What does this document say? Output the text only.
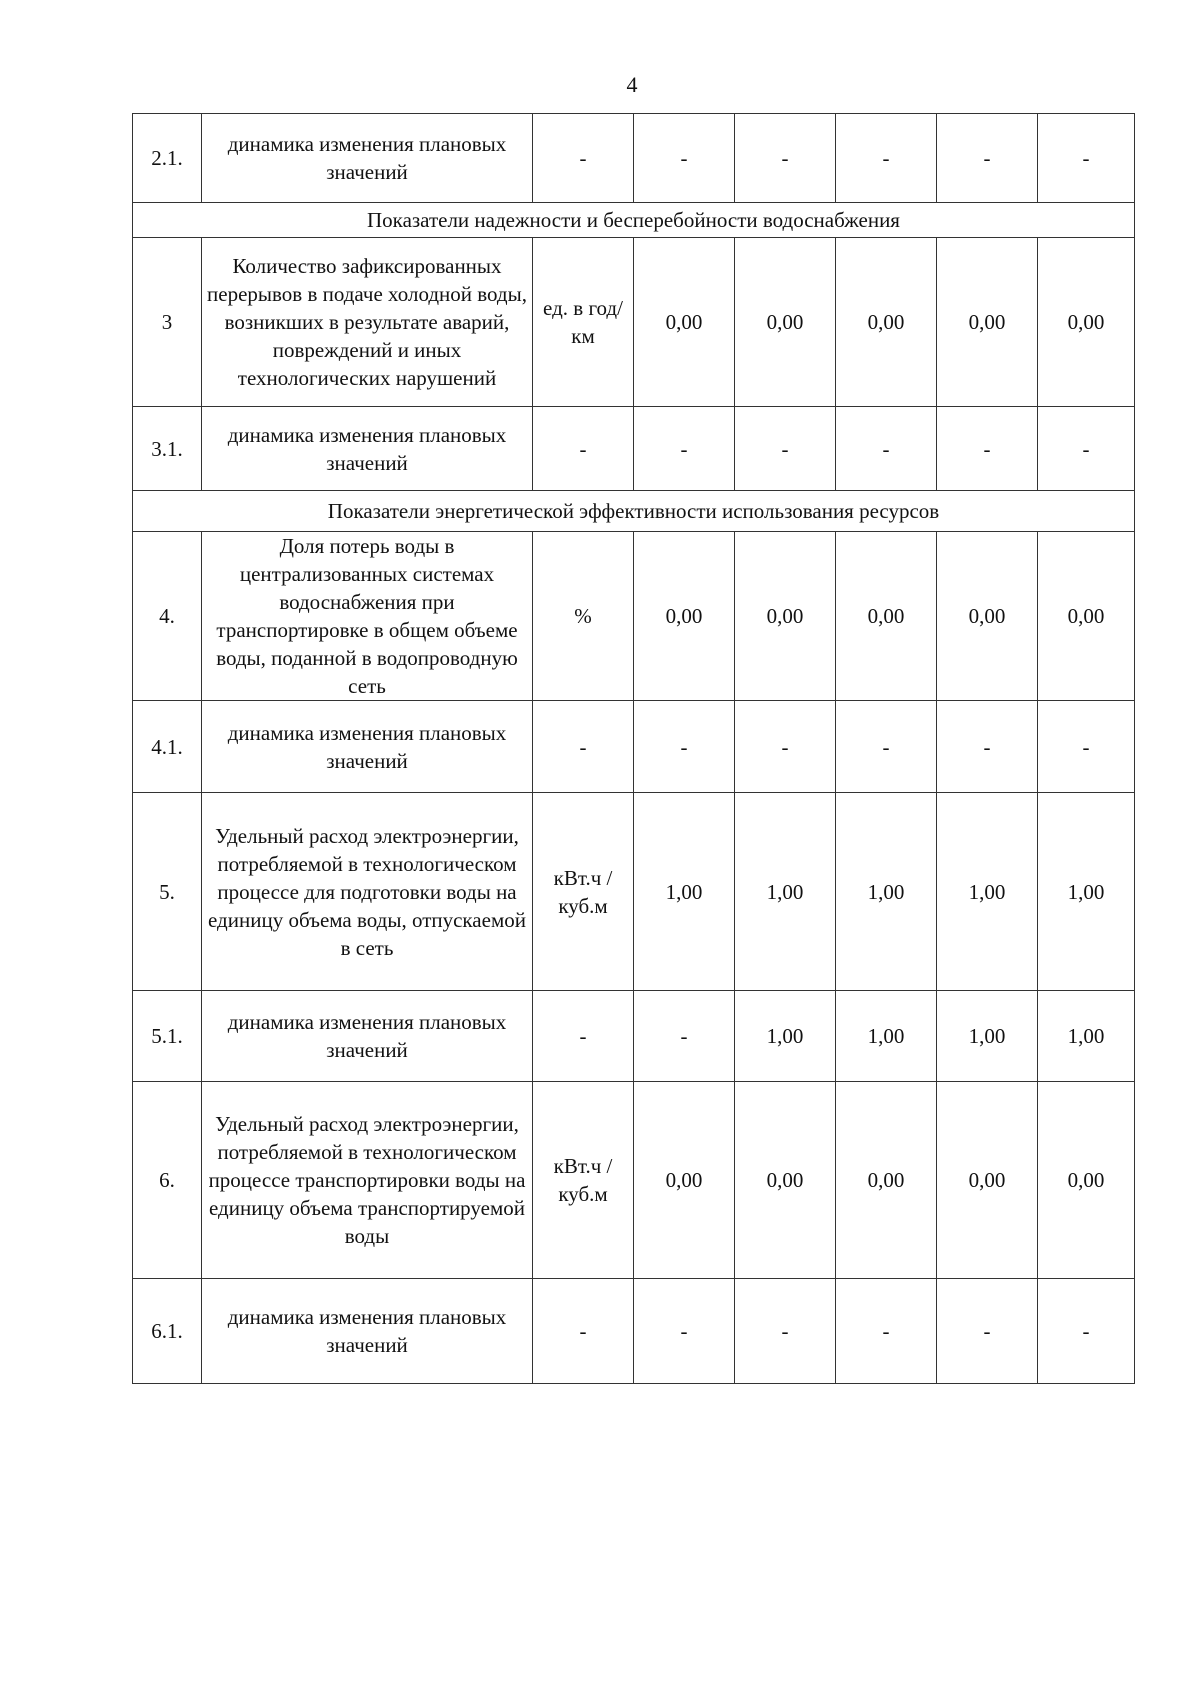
4
2.1.	динамика изменения плановых значений	-	-	-	-	-	-
Показатели надежности и бесперебойности водоснабжения							
3	Количество зафиксированных перерывов в подаче холодной воды, возникших в результате аварий, повреждений и иных технологических нарушений	ед. в год/ км	0,00	0,00	0,00	0,00	0,00
3.1.	динамика изменения плановых значений	-	-	-	-	-	-
Показатели энергетической эффективности использования ресурсов							
4.	Доля потерь воды в централизованных системах водоснабжения при транспортировке в общем объеме воды, поданной в водопроводную сеть	%	0,00	0,00	0,00	0,00	0,00
4.1.	динамика изменения плановых значений	-	-	-	-	-	-
5.	Удельный расход электроэнергии, потребляемой в технологическом процессе для подготовки воды на единицу объема воды, отпускаемой в сеть	кВт.ч / куб.м	1,00	1,00	1,00	1,00	1,00
5.1.	динамика изменения плановых значений	-	-	1,00	1,00	1,00	1,00
6.	Удельный расход электроэнергии, потребляемой в технологическом процессе транспортировки воды на единицу объема транспортируемой воды	кВт.ч / куб.м	0,00	0,00	0,00	0,00	0,00
6.1.	динамика изменения плановых значений	-	-	-	-	-	-
